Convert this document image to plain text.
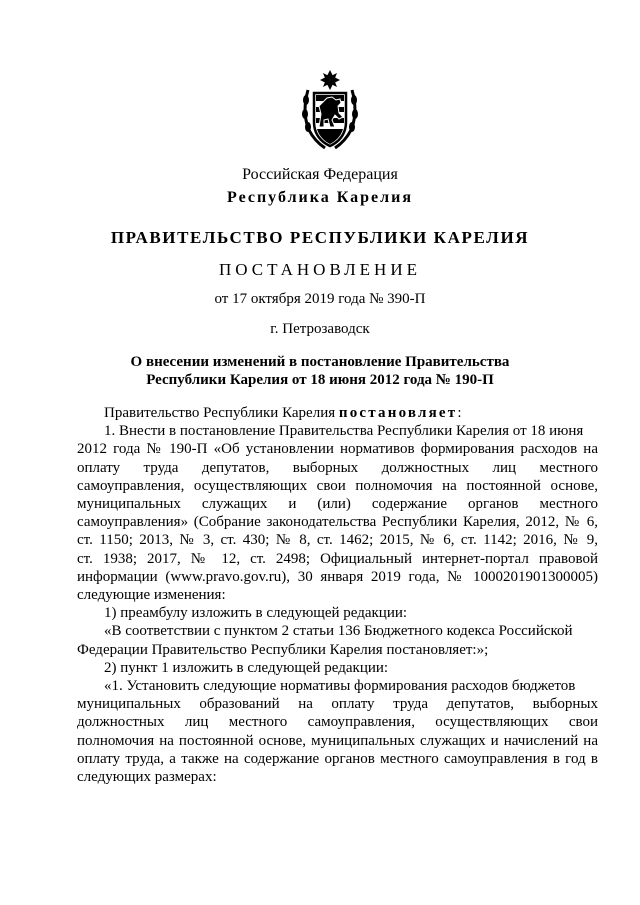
Российская Федерация
Республика Карелия
ПРАВИТЕЛЬСТВО РЕСПУБЛИКИ КАРЕЛИЯ
ПОСТАНОВЛЕНИЕ
от 17 октября 2019 года № 390-П
г. Петрозаводск
О внесении изменений в постановление Правительства
Республики Карелия от 18 июня 2012 года № 190-П
Правительство Республики Карелия постановляет:
1. Внести в постановление Правительства Республики Карелия от 18 июня
2012 года № 190-П «Об установлении нормативов формирования расходов на
оплату труда депутатов, выборных должностных лиц местного
самоуправления, осуществляющих свои полномочия на постоянной основе,
муниципальных служащих и (или) содержание органов местного
самоуправления» (Собрание законодательства Республики Карелия, 2012, № 6,
ст. 1150; 2013, № 3, ст. 430; № 8, ст. 1462; 2015, № 6, ст. 1142; 2016, № 9,
ст. 1938; 2017, № 12, ст. 2498; Официальный интернет-портал правовой
информации (www.pravo.gov.ru), 30 января 2019 года, № 1000201901300005)
следующие изменения:
1) преамбулу изложить в следующей редакции:
«В соответствии с пунктом 2 статьи 136 Бюджетного кодекса Российской
Федерации Правительство Республики Карелия постановляет:»;
2) пункт 1 изложить в следующей редакции:
«1. Установить следующие нормативы формирования расходов бюджетов
муниципальных образований на оплату труда депутатов, выборных
должностных лиц местного самоуправления, осуществляющих свои
полномочия на постоянной основе, муниципальных служащих и начислений на
оплату труда, а также на содержание органов местного самоуправления в год в
следующих размерах:
